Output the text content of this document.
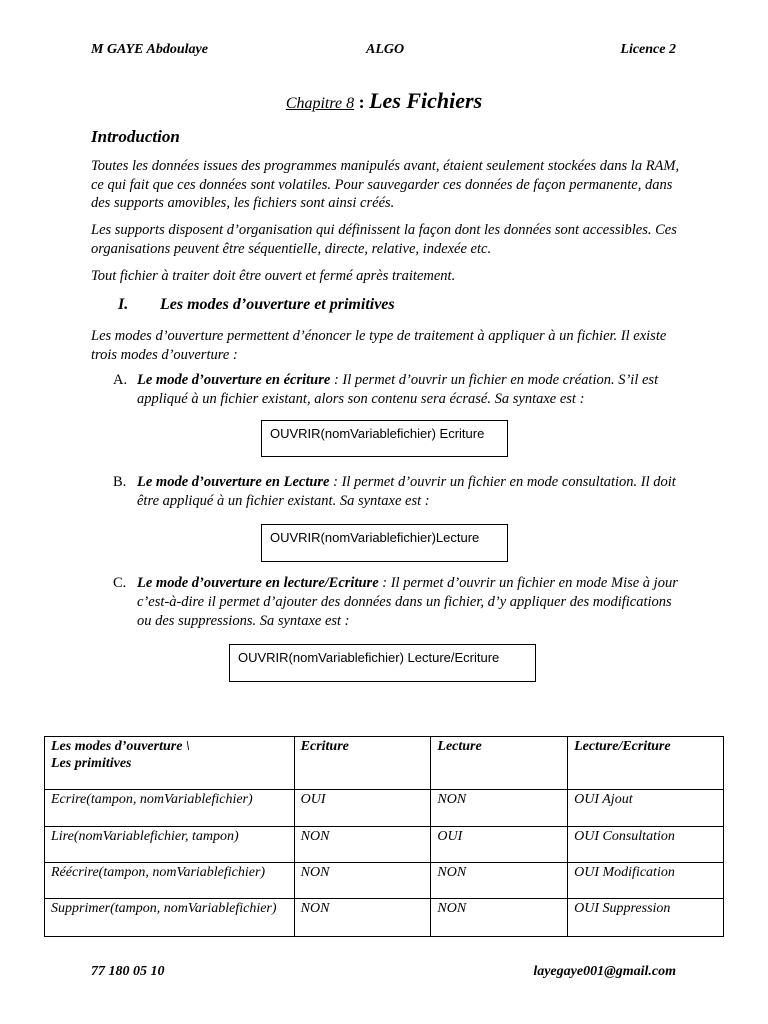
M GAYE Abdoulaye	ALGO	Licence 2
Chapitre 8 : Les Fichiers
Introduction
Toutes les données issues des programmes manipulés avant, étaient seulement stockées dans la RAM, ce qui fait que ces données sont volatiles. Pour sauvegarder ces données de façon permanente, dans des supports amovibles, les fichiers sont ainsi créés.
Les supports disposent d’organisation qui définissent la façon dont les données sont accessibles. Ces organisations peuvent être séquentielle, directe, relative, indexée etc.
Tout fichier à traiter doit être ouvert et fermé après traitement.
I. Les modes d’ouverture et primitives
Les modes d’ouverture permettent d’énoncer le type de traitement à appliquer à un fichier. Il existe trois modes d’ouverture :
A. Le mode d’ouverture en écriture : Il permet d’ouvrir un fichier en mode création. S’il est appliqué à un fichier existant, alors son contenu sera écrasé. Sa syntaxe est :
OUVRIR(nomVariablefichier) Ecriture
B. Le mode d’ouverture en Lecture : Il permet d’ouvrir un fichier en mode consultation. Il doit être appliqué à un fichier existant. Sa syntaxe est :
OUVRIR(nomVariablefichier)Lecture
C. Le mode d’ouverture en lecture/Ecriture : Il permet d’ouvrir un fichier en mode Mise à jour c’est-à-dire il permet d’ajouter des données dans un fichier, d’y appliquer des modifications ou des suppressions. Sa syntaxe est :
OUVRIR(nomVariablefichier) Lecture/Ecriture
Les modes d’ouverture \
Les primitives	Ecriture	Lecture	Lecture/Ecriture
Ecrire(tampon, nomVariablefichier)	OUI	NON	OUI Ajout
Lire(nomVariablefichier, tampon)	NON	OUI	OUI Consultation
Réécrire(tampon, nomVariablefichier)	NON	NON	OUI Modification
Supprimer(tampon, nomVariablefichier)	NON	NON	OUI Suppression
77 180 05 10	layegaye001@gmail.com
